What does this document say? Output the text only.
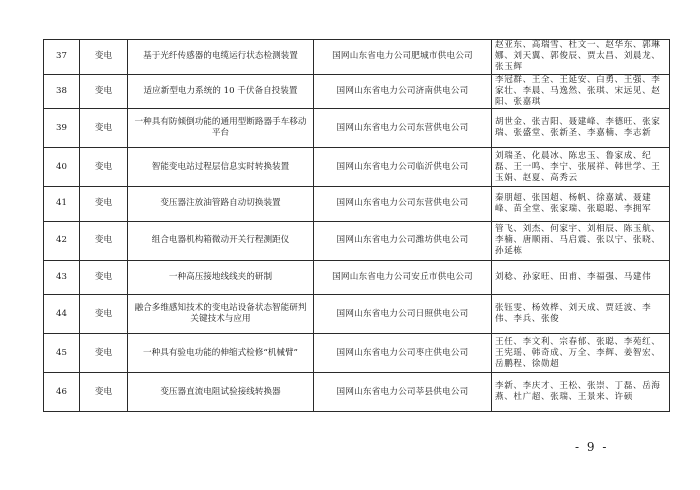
37	变电	基于光纤传感器的电缆运行状态检测装置	国网山东省电力公司肥城市供电公司	赵亚东、高瑞雪、杜文一、赵华东、郭琳娜、刘天翼、郭俊辰、贾太昌、刘晨龙、张玉辉
38	变电	适应新型电力系统的 10 千伏备自投装置	国网山东省电力公司济南供电公司	李冠群、王全、王延安、白勇、王强、李家壮、李晨、马逸然、张琪、宋远见、赵阳、张嘉琪
39	变电	一种具有防倾倒功能的通用型断路器手车移动平台	国网山东省电力公司东营供电公司	胡世金、张吉阳、聂建峰、李德旺、张家瑞、张盛堂、张新圣、李嘉楠、李志新
40	变电	智能变电站过程层信息实时转换装置	国网山东省电力公司临沂供电公司	刘瑞圣、化晨冰、陈忠玉、鲁家成、纪磊、王一鸣、李宁、张展祥、韩世学、王玉娟、赵夏、高秀云
41	变电	变压器注放油管路自动切换装置	国网山东省电力公司东营供电公司	秦朋超、张国超、杨帆、徐嘉斌、聂建峰、苗全堂、张家瑞、张聪聪、李拥军
42	变电	组合电器机构箱微动开关行程测距仪	国网山东省电力公司潍坊供电公司	管飞、刘杰、何家宇、刘相辰、陈玉航、李楠、唐顺雨、马启震、张以宁、张晓、孙延栋
43	变电	一种高压接地线线夹的研制	国网山东省电力公司安丘市供电公司	刘稔、孙家旺、田甫、李福强、马建伟
44	变电	融合多维感知技术的变电站设备状态智能研判关键技术与应用	国网山东省电力公司日照供电公司	张钰雯、杨效桦、刘天成、贾廷波、李伟、李兵、张俊
45	变电	一种具有验电功能的伸缩式检修“机械臂”	国网山东省电力公司枣庄供电公司	王任、李文利、宗春郁、张聪、李苑红、王宪瑶、韩奇成、万全、李辉、姜智宏、岳鹏程、徐勋超
46	变电	变压器直流电阻试验接线转换器	国网山东省电力公司莘县供电公司	李新、李庆才、王松、张崇、丁磊、岳海燕、杜广超、张瑞、王景来、许硕
- 9 -
